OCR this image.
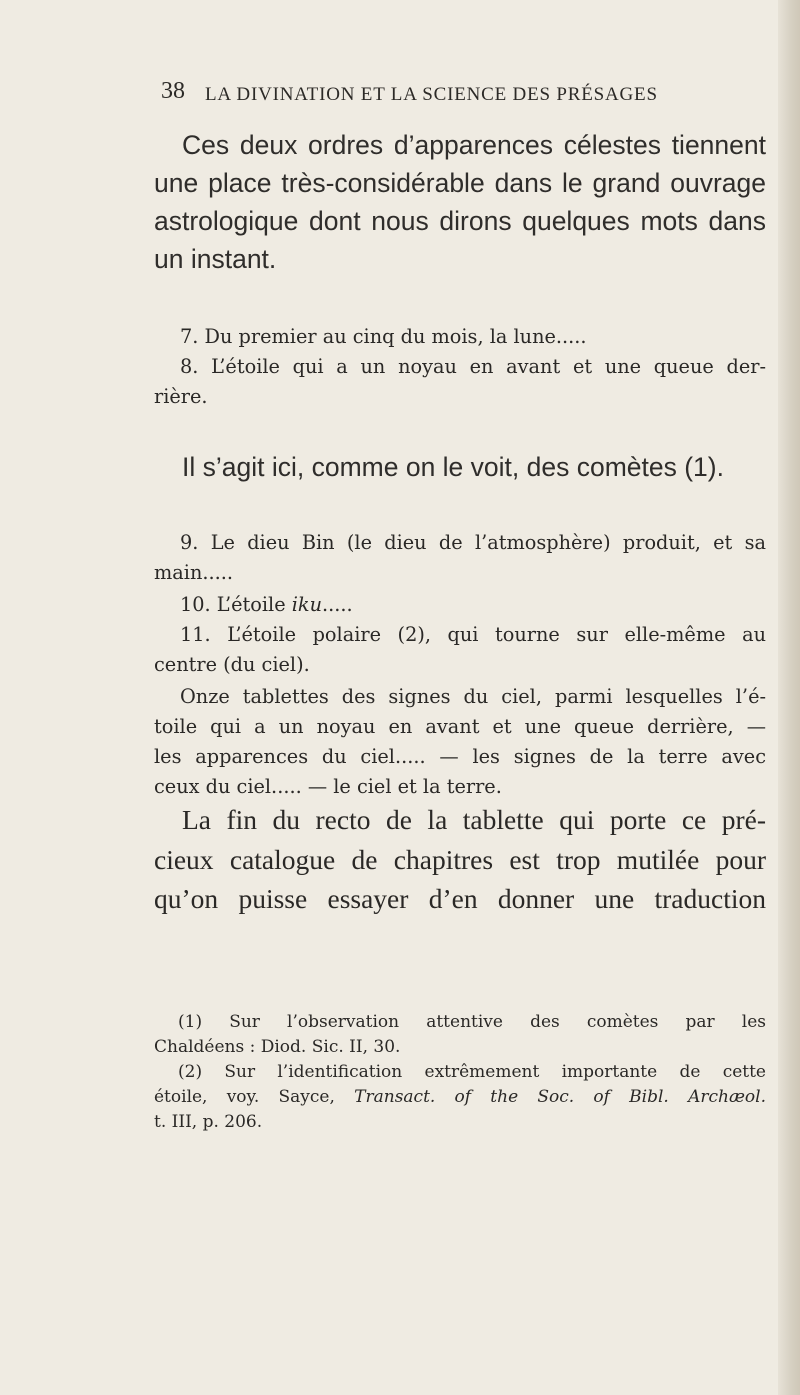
38 LA DIVINATION ET LA SCIENCE DES PRÉSAGES
Ces deux ordres d’apparences célestes tiennent
une place très-considérable dans le grand ouvrage
astrologique dont nous dirons quelques mots dans
un instant.
7. Du premier au cinq du mois, la lune.....
8. L’étoile qui a un noyau en avant et une queue der-
rière.
Il s’agit ici, comme on le voit, des comètes (1).
9. Le dieu Bin (le dieu de l’atmosphère) produit, et sa
main.....
10. L’étoile iku.....
11. L’étoile polaire (2), qui tourne sur elle-même au
centre (du ciel).
Onze tablettes des signes du ciel, parmi lesquelles l’é-
toile qui a un noyau en avant et une queue derrière, —
les apparences du ciel..... — les signes de la terre avec
ceux du ciel..... — le ciel et la terre.
La fin du recto de la tablette qui porte ce pré-
cieux catalogue de chapitres est trop mutilée pour
qu’on puisse essayer d’en donner une traduction
(1) Sur l’observation attentive des comètes par les
Chaldéens : Diod. Sic. II, 30.
(2) Sur l’identification extrêmement importante de cette
étoile, voy. Sayce, Transact. of the Soc. of Bibl. Archæol.
t. III, p. 206.
